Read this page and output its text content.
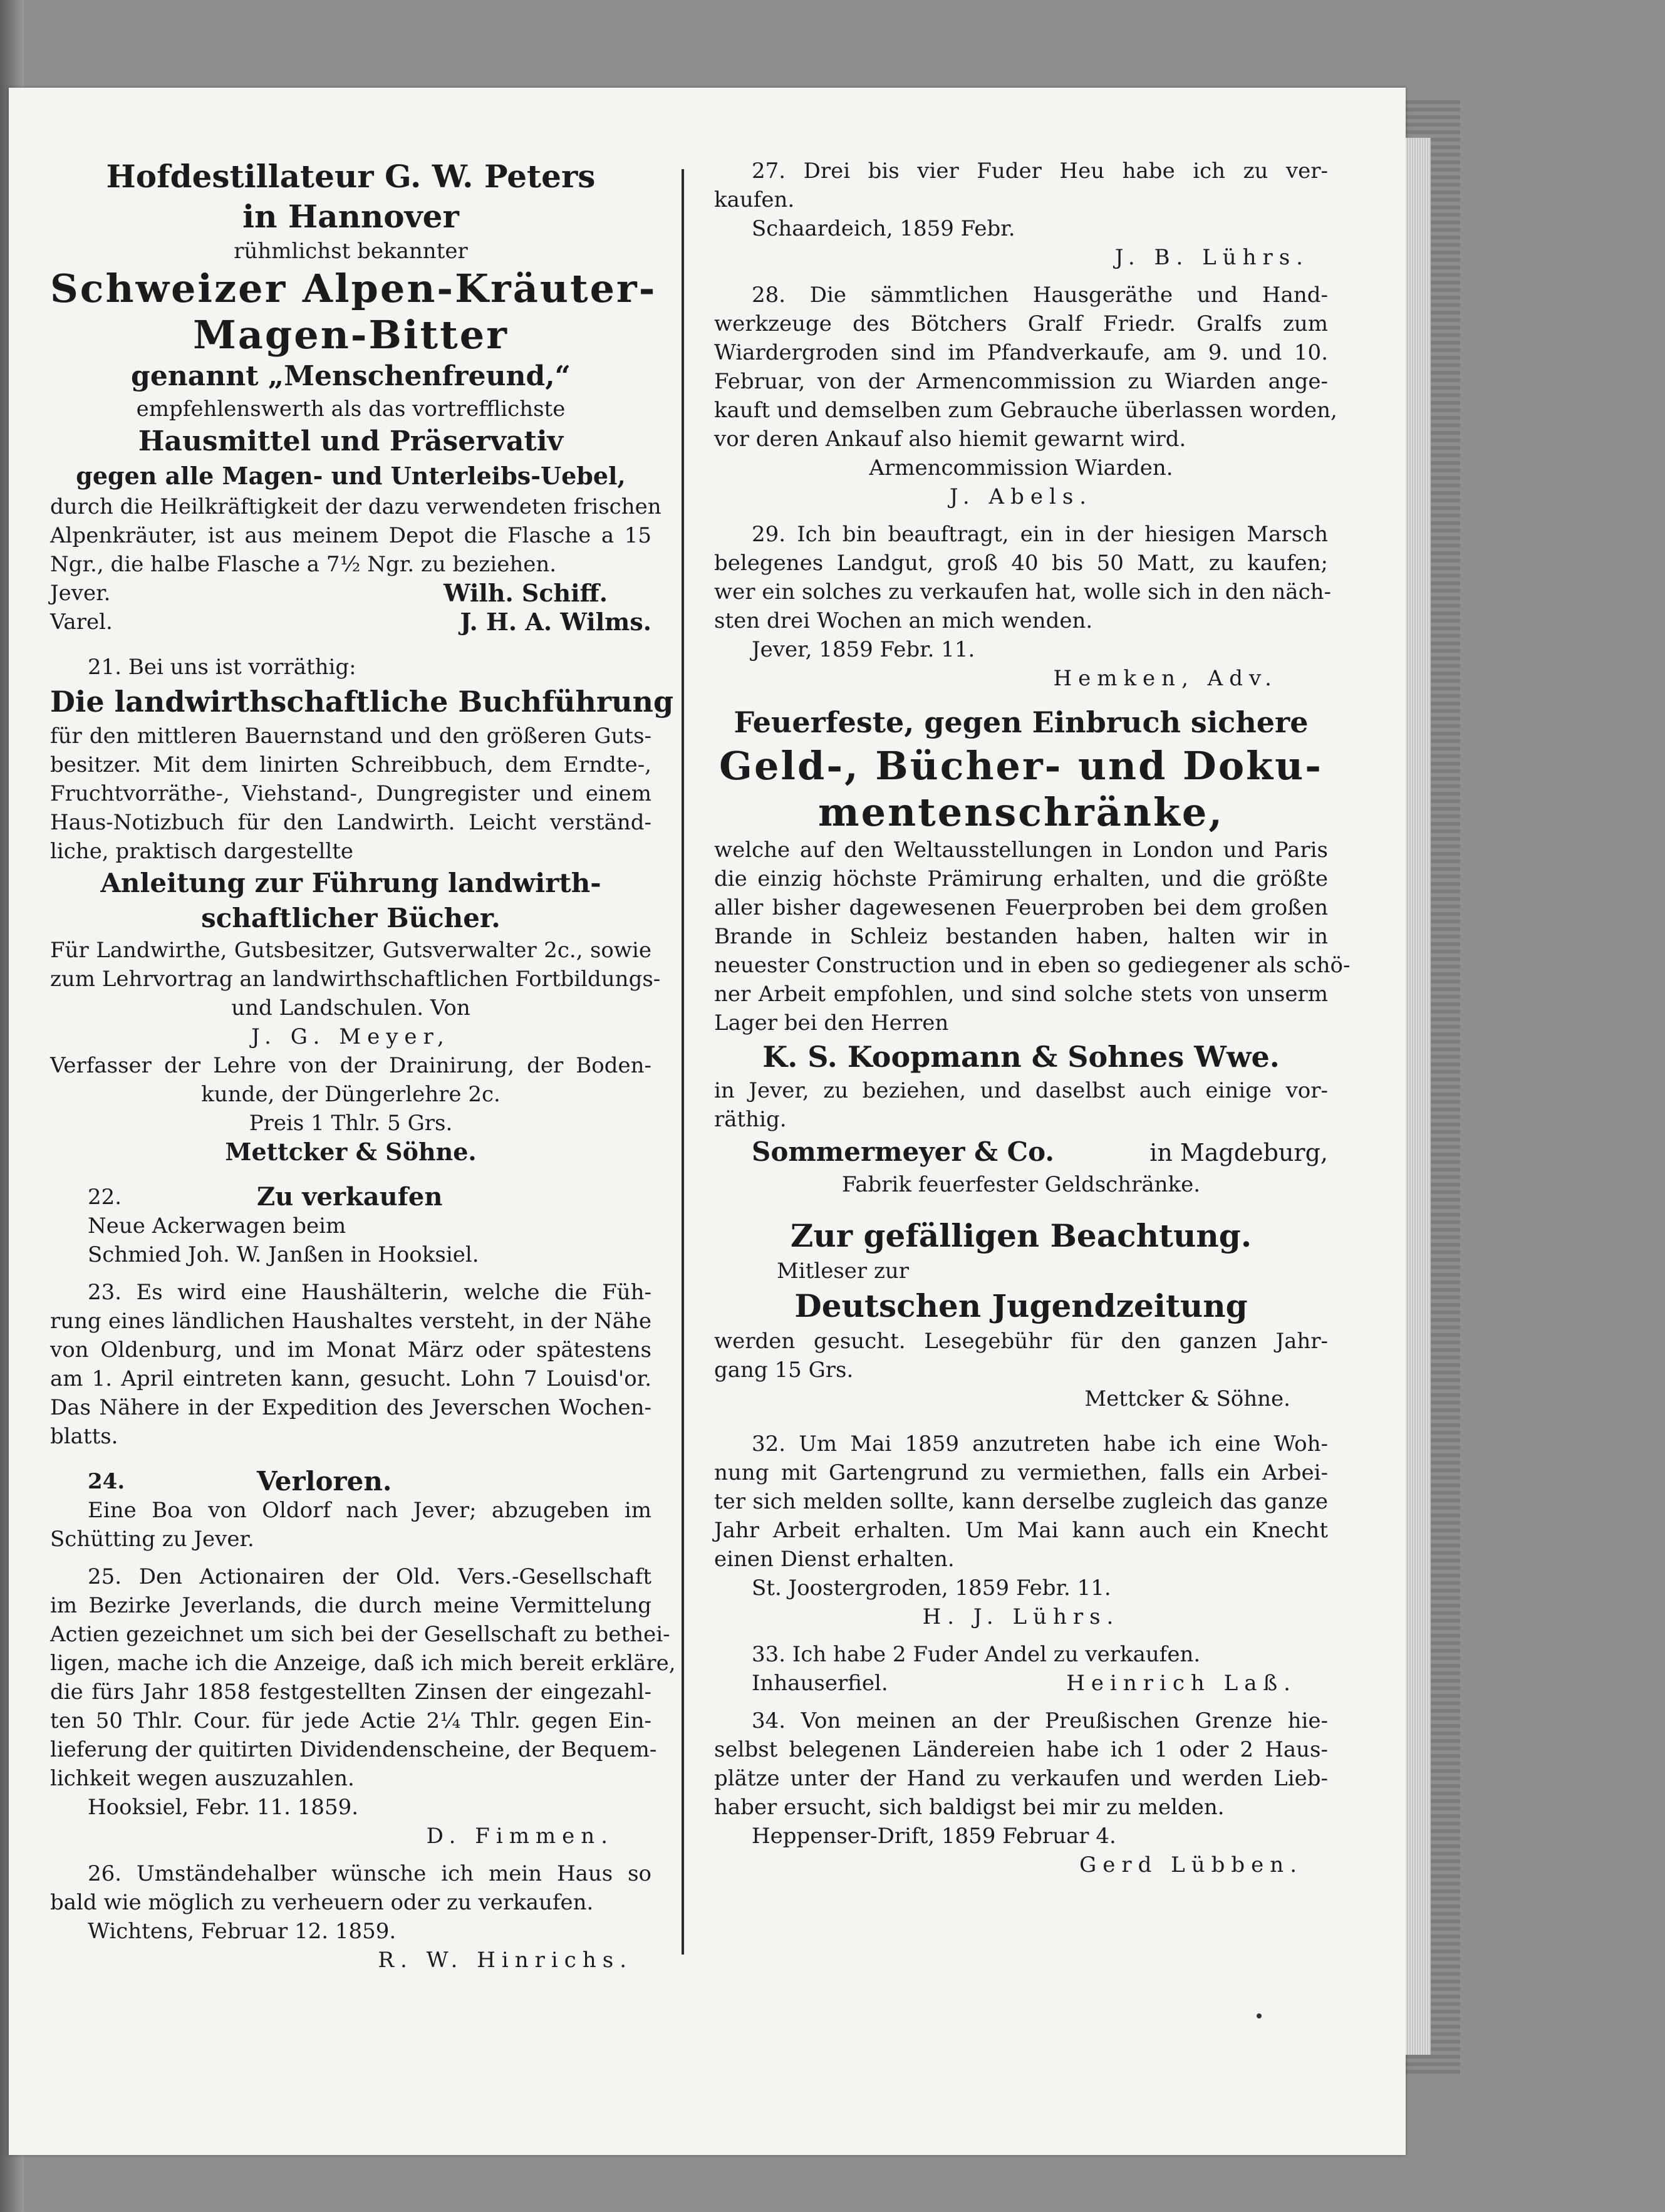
Hofdestillateur G. W. Peters
in Hannover
rühmlichst bekannter
Schweizer Alpen-Kräuter-
Magen-Bitter
genannt „Menschenfreund,“
empfehlenswerth als das vortrefflichste
Hausmittel und Präservativ
gegen alle Magen- und Unterleibs-Uebel,
durch die Heilkräftigkeit der dazu verwendeten frischen
Alpenkräuter, ist aus meinem Depot die Flasche a 15
Ngr., die halbe Flasche a 7½ Ngr. zu beziehen.
Jever.	Wilh. Schiff.
Varel.	J. H. A. Wilms.
21. Bei uns ist vorräthig:
Die landwirthschaftliche Buchführung
für den mittleren Bauernstand und den größeren Guts-
besitzer. Mit dem linirten Schreibbuch, dem Erndte-,
Fruchtvorräthe-, Viehstand-, Dungregister und einem
Haus-Notizbuch für den Landwirth. Leicht verständ-
liche, praktisch dargestellte
Anleitung zur Führung landwirth-
schaftlicher Bücher.
Für Landwirthe, Gutsbesitzer, Gutsverwalter 2c., sowie
zum Lehrvortrag an landwirthschaftlichen Fortbildungs-
und Landschulen. Von
J. G. Meyer,
Verfasser der Lehre von der Drainirung, der Boden-
kunde, der Düngerlehre 2c.
Preis 1 Thlr. 5 Grs.
Mettcker & Söhne.
22.	Zu verkaufen
Neue Ackerwagen beim
Schmied Joh. W. Janßen in Hooksiel.
23. Es wird eine Haushälterin, welche die Füh-
rung eines ländlichen Haushaltes versteht, in der Nähe
von Oldenburg, und im Monat März oder spätestens
am 1. April eintreten kann, gesucht. Lohn 7 Louisd'or.
Das Nähere in der Expedition des Jeverschen Wochen-
blatts.
24.	Verloren.
Eine Boa von Oldorf nach Jever; abzugeben im
Schütting zu Jever.
25. Den Actionairen der Old. Vers.-Gesellschaft
im Bezirke Jeverlands, die durch meine Vermittelung
Actien gezeichnet um sich bei der Gesellschaft zu bethei-
ligen, mache ich die Anzeige, daß ich mich bereit erkläre,
die fürs Jahr 1858 festgestellten Zinsen der eingezahl-
ten 50 Thlr. Cour. für jede Actie 2¼ Thlr. gegen Ein-
lieferung der quitirten Dividendenscheine, der Bequem-
lichkeit wegen auszuzahlen.
Hooksiel, Febr. 11. 1859.
D. Fimmen.
26. Umständehalber wünsche ich mein Haus so
bald wie möglich zu verheuern oder zu verkaufen.
Wichtens, Februar 12. 1859.
R. W. Hinrichs.
27. Drei bis vier Fuder Heu habe ich zu ver-
kaufen.
Schaardeich, 1859 Febr.
J. B. Lührs.
28. Die sämmtlichen Hausgeräthe und Hand-
werkzeuge des Bötchers Gralf Friedr. Gralfs zum
Wiardergroden sind im Pfandverkaufe, am 9. und 10.
Februar, von der Armencommission zu Wiarden ange-
kauft und demselben zum Gebrauche überlassen worden,
vor deren Ankauf also hiemit gewarnt wird.
Armencommission Wiarden.
J. Abels.
29. Ich bin beauftragt, ein in der hiesigen Marsch
belegenes Landgut, groß 40 bis 50 Matt, zu kaufen;
wer ein solches zu verkaufen hat, wolle sich in den näch-
sten drei Wochen an mich wenden.
Jever, 1859 Febr. 11.
Hemken, Adv.
Feuerfeste, gegen Einbruch sichere
Geld-, Bücher- und Doku-
mentenschränke,
welche auf den Weltausstellungen in London und Paris
die einzig höchste Prämirung erhalten, und die größte
aller bisher dagewesenen Feuerproben bei dem großen
Brande in Schleiz bestanden haben, halten wir in
neuester Construction und in eben so gediegener als schö-
ner Arbeit empfohlen, und sind solche stets von unserm
Lager bei den Herren
K. S. Koopmann & Sohnes Wwe.
in Jever, zu beziehen, und daselbst auch einige vor-
räthig.
Sommermeyer & Co.	in Magdeburg,
Fabrik feuerfester Geldschränke.
Zur gefälligen Beachtung.
Mitleser zur
Deutschen Jugendzeitung
werden gesucht. Lesegebühr für den ganzen Jahr-
gang 15 Grs.
Mettcker & Söhne.
32. Um Mai 1859 anzutreten habe ich eine Woh-
nung mit Gartengrund zu vermiethen, falls ein Arbei-
ter sich melden sollte, kann derselbe zugleich das ganze
Jahr Arbeit erhalten. Um Mai kann auch ein Knecht
einen Dienst erhalten.
St. Joostergroden, 1859 Febr. 11.
H. J. Lührs.
33. Ich habe 2 Fuder Andel zu verkaufen.
Inhauserfiel.	Heinrich Laß.
34. Von meinen an der Preußischen Grenze hie-
selbst belegenen Ländereien habe ich 1 oder 2 Haus-
plätze unter der Hand zu verkaufen und werden Lieb-
haber ersucht, sich baldigst bei mir zu melden.
Heppenser-Drift, 1859 Februar 4.
Gerd Lübben.
